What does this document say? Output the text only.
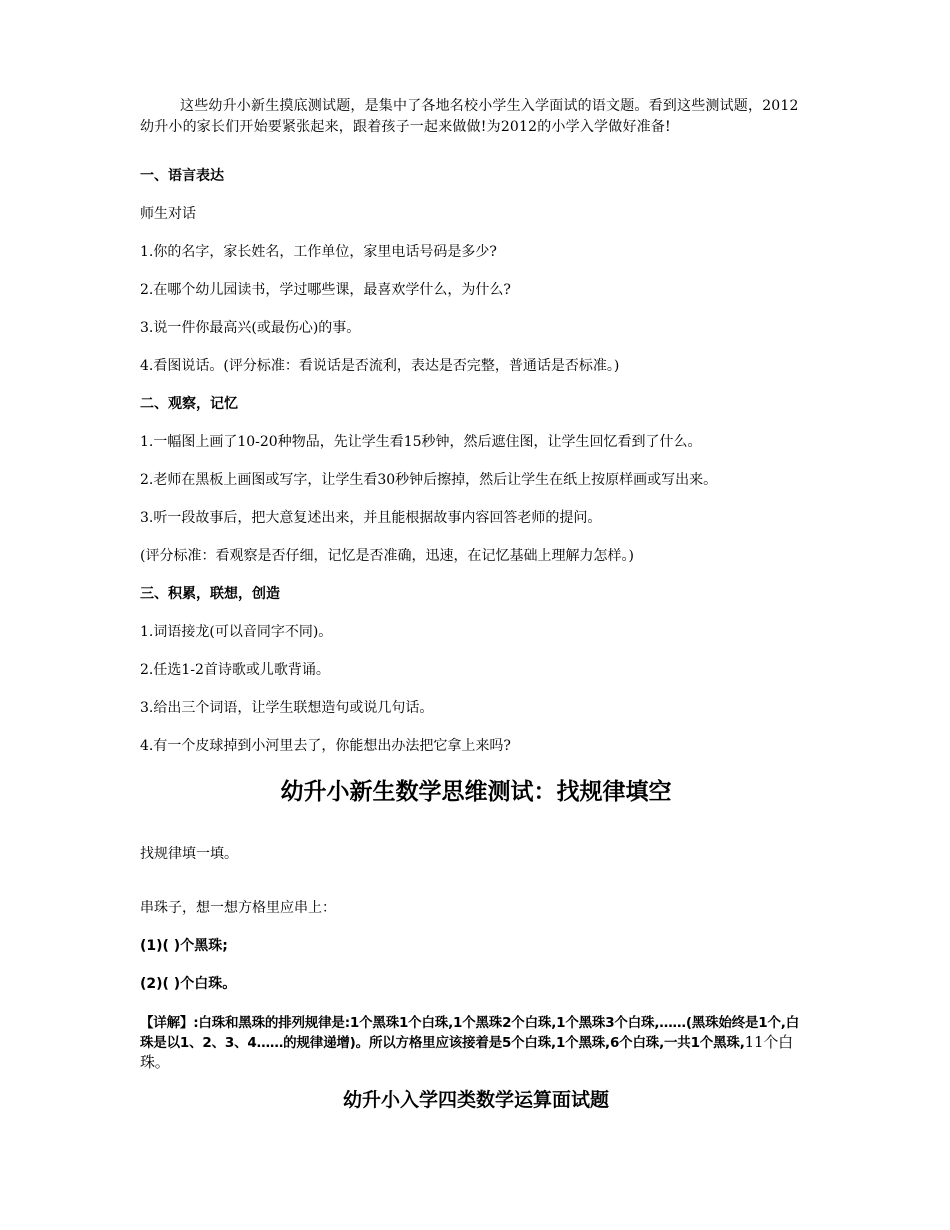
这些幼升小新生摸底测试题，是集中了各地名校小学生入学面试的语文题。看到这些测试题，2012幼升小的家长们开始要紧张起来，跟着孩子一起来做做!为2012的小学入学做好准备!

一、语言表达

师生对话

1.你的名字，家长姓名，工作单位，家里电话号码是多少?

2.在哪个幼儿园读书，学过哪些课，最喜欢学什么，为什么?

3.说一件你最高兴(或最伤心)的事。

4.看图说话。(评分标准：看说话是否流利，表达是否完整，普通话是否标准。)

二、观察，记忆

1.一幅图上画了10-20种物品，先让学生看15秒钟，然后遮住图，让学生回忆看到了什么。

2.老师在黑板上画图或写字，让学生看30秒钟后擦掉，然后让学生在纸上按原样画或写出来。

3.听一段故事后，把大意复述出来，并且能根据故事内容回答老师的提问。

(评分标准：看观察是否仔细，记忆是否准确，迅速，在记忆基础上理解力怎样。)

三、积累，联想，创造

1.词语接龙(可以音同字不同)。

2.任选1-2首诗歌或儿歌背诵。

3.给出三个词语，让学生联想造句或说几句话。

4.有一个皮球掉到小河里去了，你能想出办法把它拿上来吗?

幼升小新生数学思维测试：找规律填空

找规律填一填。

串珠子，想一想方格里应串上：

(1)( )个黑珠;

(2)( )个白珠。

【详解】:白珠和黑珠的排列规律是:1个黑珠1个白珠,1个黑珠2个白珠,1个黑珠3个白珠,……(黑珠始终是1个,白珠是以1、2、3、4……的规律递增)。所以方格里应该接着是5个白珠,1个黑珠,6个白珠,一共1个黑珠,11个白珠。

幼升小入学四类数学运算面试题
